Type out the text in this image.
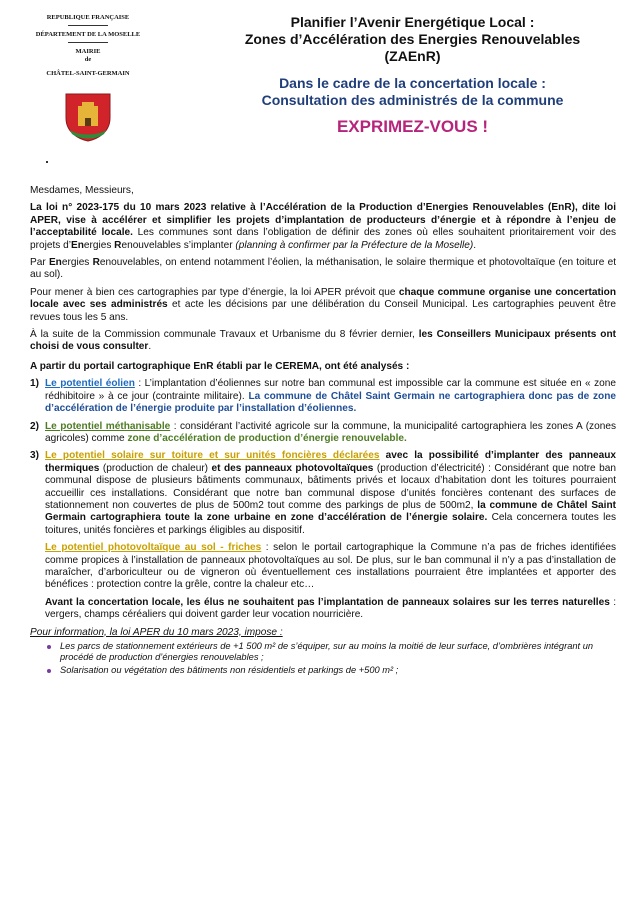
REPUBLIQUE FRANÇAISE
DÉPARTEMENT DE LA MOSELLE
MAIRIE
de
CHÂTEL-SAINT-GERMAIN
Planifier l’Avenir Energétique Local :
Zones d’Accélération des Energies Renouvelables
(ZAEnR)
Dans le cadre de la concertation locale :
Consultation des administrés de la commune
EXPRIMEZ-VOUS !

Mesdames, Messieurs,

La loi n° 2023-175 du 10 mars 2023 relative à l’Accélération de la Production d’Energies Renouvelables (EnR), dite loi APER, vise à accélérer et simplifier les projets d’implantation de producteurs d’énergie et à répondre à l’enjeu de l’acceptabilité locale. Les communes sont dans l’obligation de définir des zones où elles souhaitent prioritairement voir des projets d’Energies Renouvelables s’implanter (planning à confirmer par la Préfecture de la Moselle).

Par Energies Renouvelables, on entend notamment l’éolien, la méthanisation, le solaire thermique et photovoltaïque (en toiture et au sol).

Pour mener à bien ces cartographies par type d’énergie, la loi APER prévoit que chaque commune organise une concertation locale avec ses administrés et acte les décisions par une délibération du Conseil Municipal. Les cartographies peuvent être revues tous les 5 ans.

À la suite de la Commission communale Travaux et Urbanisme du 8 février dernier, les Conseillers Municipaux présents ont choisi de vous consulter.

A partir du portail cartographique EnR établi par le CEREMA, ont été analysés :

1) Le potentiel éolien : L’implantation d’éoliennes sur notre ban communal est impossible car la commune est située en « zone rédhibitoire » à ce jour (contrainte militaire). La commune de Châtel Saint Germain ne cartographiera donc pas de zone d’accélération de l’énergie produite par l’installation d’éoliennes.
2) Le potentiel méthanisable : considérant l’activité agricole sur la commune, la municipalité cartographiera les zones A (zones agricoles) comme zone d’accélération de production d’énergie renouvelable.
3) Le potentiel solaire sur toiture et sur unités foncières déclarées avec la possibilité d’implanter des panneaux thermiques (production de chaleur) et des panneaux photovoltaïques (production d’électricité) : Considérant que notre ban communal dispose de plusieurs bâtiments communaux, bâtiments privés et locaux d’habitation dont les toitures pourraient accueillir ces installations. Considérant que notre ban communal dispose d’unités foncières contenant des surfaces de stationnement non couvertes de plus de 500m2 tout comme des parkings de plus de 500m2, la commune de Châtel Saint Germain cartographiera toute la zone urbaine en zone d’accélération de l’énergie solaire. Cela concernera toutes les toitures, unités foncières et parkings éligibles au dispositif.
Le potentiel photovoltaïque au sol - friches : selon le portail cartographique la Commune n’a pas de friches identifiées comme propices à l’installation de panneaux photovoltaïques au sol. De plus, sur le ban communal il n’y a pas d’installation de maraîcher, d’arboriculteur ou de vigneron où éventuellement ces installations pourraient être implantées et apporter des bénéfices : protection contre la grêle, contre la chaleur etc…
Avant la concertation locale, les élus ne souhaitent pas l’implantation de panneaux solaires sur les terres naturelles : vergers, champs céréaliers qui doivent garder leur vocation nourricière.
Pour information, la loi APER du 10 mars 2023, impose :
Les parcs de stationnement extérieurs de +1 500 m² de s’équiper, sur au moins la moitié de leur surface, d’ombrières intégrant un procédé de production d’énergies renouvelables ;
Solarisation ou végétation des bâtiments non résidentiels et parkings de +500 m² ;
